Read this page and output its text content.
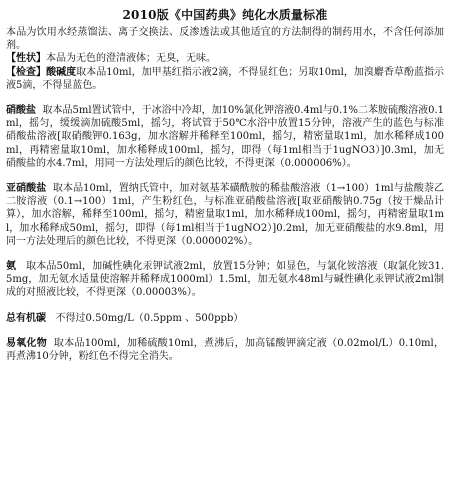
2010版《中国药典》纯化水质量标准

本品为饮用水经蒸馏法、离子交换法、反渗透法或其他适宜的方法制得的制药用水，不含任何添加剂。

【性状】本品为无色的澄清液体；无臭，无味。

【检查】酸碱度取本品10ml，加甲基红指示液2滴，不得显红色；另取10ml，加溴麝香草酚蓝指示液5滴，不得显蓝色。

硝酸盐 取本品5ml置试管中，于冰浴中冷却，加10%氯化钾溶液0.4ml与0.1%二苯胺硫酸溶液0.1ml，摇匀，缓缓滴加硫酸5ml，摇匀，将试管于50℃水浴中放置15分钟，溶液产生的蓝色与标准硝酸盐溶液[取硝酸钾0.163g，加水溶解并稀释至100ml，摇匀，精密量取1ml，加水稀释成100ml，再精密量取10ml，加水稀释成100ml，摇匀，即得（每1ml相当于1ugNO3）]0.3ml，加无硝酸盐的水4.7ml，用同一方法处理后的颜色比较，不得更深（0.000006%）。

亚硝酸盐 取本品10ml，置纳氏管中，加对氨基苯磺酰胺的稀盐酸溶液（1→100）1ml与盐酸萘乙二胺溶液（0.1→100）1ml，产生粉红色，与标准亚硝酸盐溶液[取亚硝酸钠0.75g（按干燥品计算），加水溶解，稀释至100ml，摇匀，精密量取1ml，加水稀释成100ml，摇匀，再精密量取1ml，加水稀释成50ml，摇匀，即得（每1ml相当于1ugNO2）]0.2ml，加无亚硝酸盐的水9.8ml，用同一方法处理后的颜色比较，不得更深（0.000002%）。

氨 取本品50ml，加碱性碘化汞钾试液2ml，放置15分钟；如显色，与氯化铵溶液（取氯化铵31.5mg，加无氨水适量使溶解并稀释成1000ml）1.5ml，加无氨水48ml与碱性碘化汞钾试液2ml制成的对照液比较，不得更深（0.00003%）。

总有机碳 不得过0.50mg/L（0.5ppm 、500ppb）

易氧化物 取本品100ml，加稀硫酸10ml，煮沸后，加高锰酸钾滴定液（0.02mol/L）0.10ml，再煮沸10分钟，粉红色不得完全消失。
